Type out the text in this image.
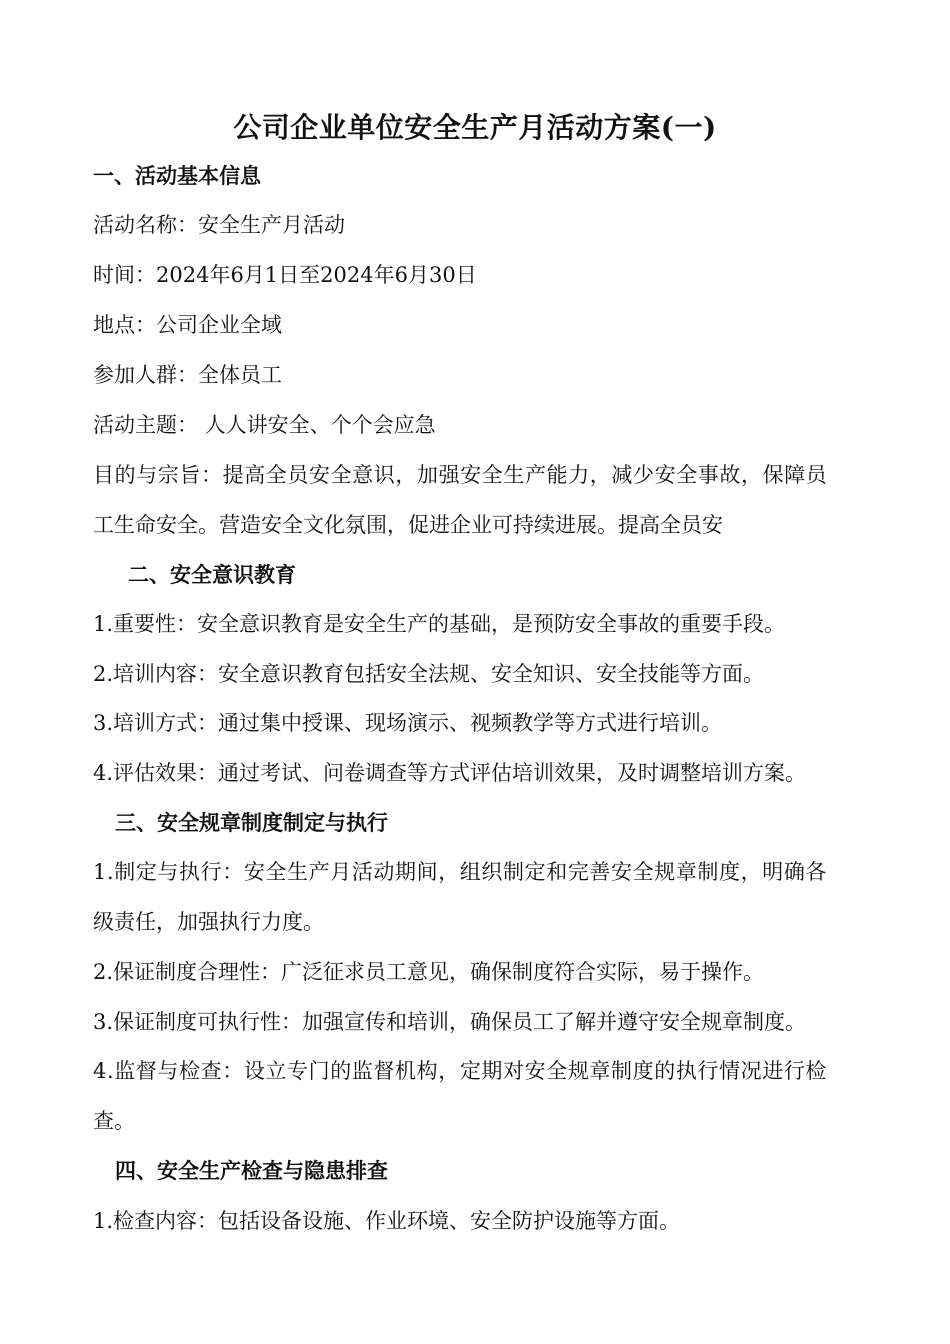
公司企业单位安全生产月活动方案(一)
一、活动基本信息
活动名称：安全生产月活动
时间：2024年6月1日至2024年6月30日
地点：公司企业全域
参加人群：全体员工
活动主题： 人人讲安全、个个会应急
目的与宗旨：提高全员安全意识，加强安全生产能力，减少安全事故，保障员
工生命安全。营造安全文化氛围，促进企业可持续进展。提高全员安
二、安全意识教育
1.重要性：安全意识教育是安全生产的基础，是预防安全事故的重要手段。
2.培训内容：安全意识教育包括安全法规、安全知识、安全技能等方面。
3.培训方式：通过集中授课、现场演示、视频教学等方式进行培训。
4.评估效果：通过考试、问卷调查等方式评估培训效果，及时调整培训方案。
三、安全规章制度制定与执行
1.制定与执行：安全生产月活动期间，组织制定和完善安全规章制度，明确各
级责任，加强执行力度。
2.保证制度合理性：广泛征求员工意见，确保制度符合实际，易于操作。
3.保证制度可执行性：加强宣传和培训，确保员工了解并遵守安全规章制度。
4.监督与检查：设立专门的监督机构，定期对安全规章制度的执行情况进行检
查。
四、安全生产检查与隐患排查
1.检查内容：包括设备设施、作业环境、安全防护设施等方面。
